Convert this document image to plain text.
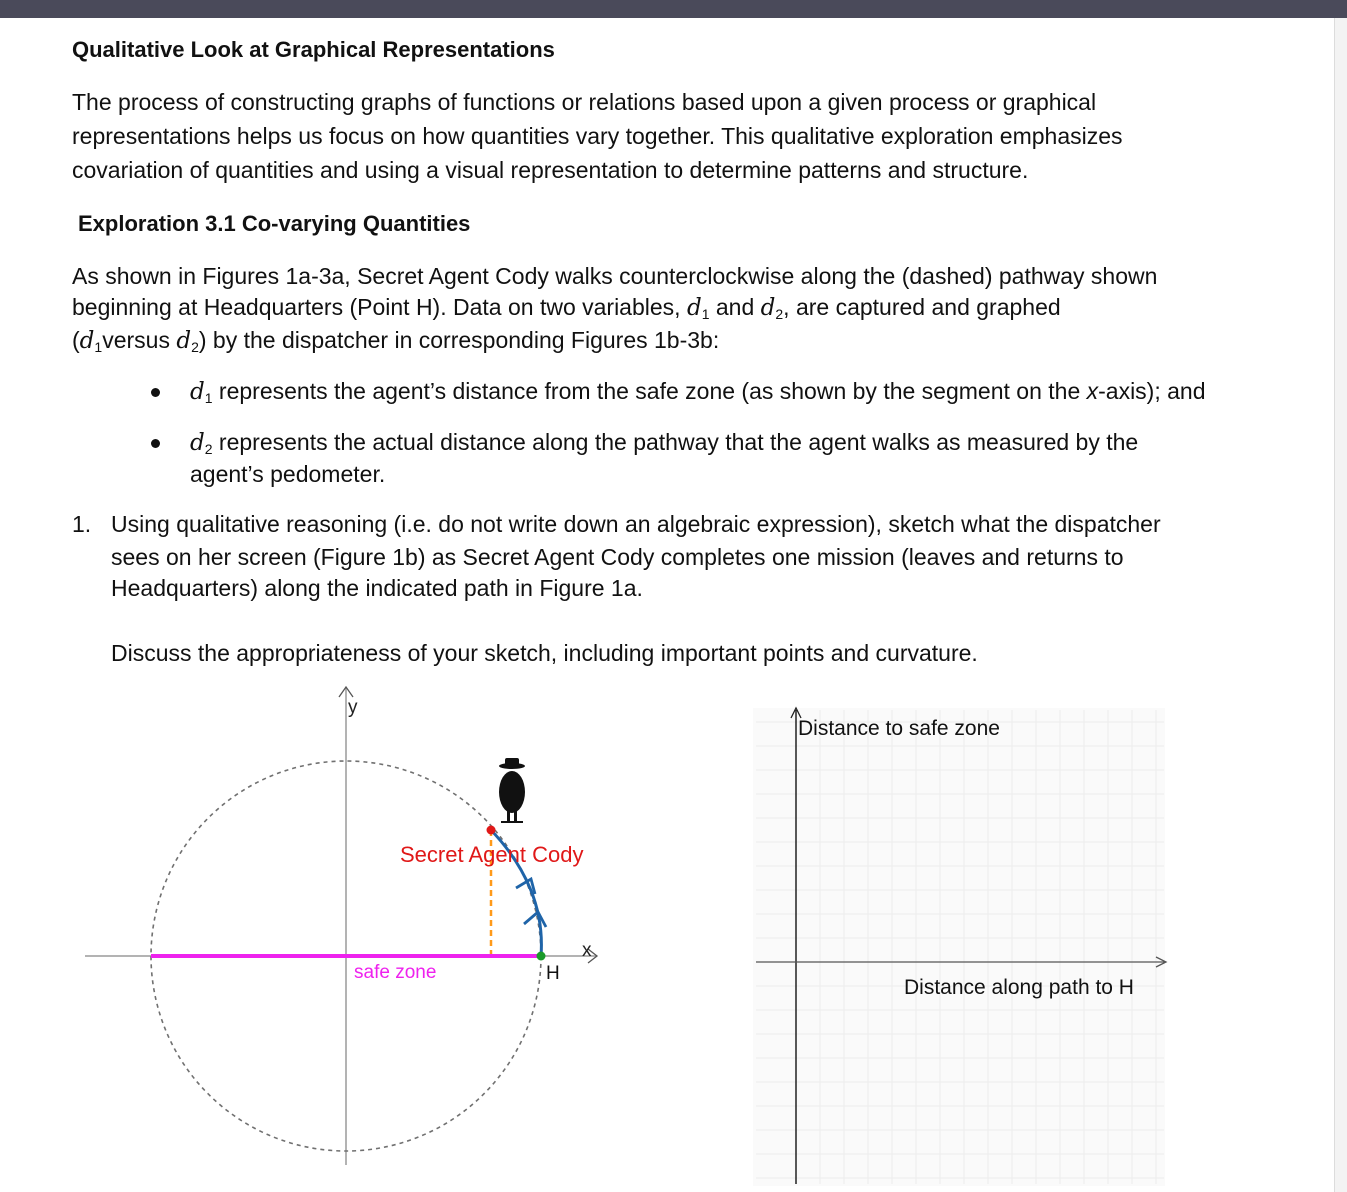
Qualitative Look at Graphical Representations
The process of constructing graphs of functions or relations based upon a given process or graphical
representations helps us focus on how quantities vary together. This qualitative exploration emphasizes
covariation of quantities and using a visual representation to determine patterns and structure.
Exploration 3.1 Co-varying Quantities
As shown in Figures 1a-3a, Secret Agent Cody walks counterclockwise along the (dashed) pathway shown
beginning at Headquarters (Point H). Data on two variables, $d_1$ and $d_2$, are captured and graphed
($d_1versus$ $d_2$) by the dispatcher in corresponding Figures 1b-3b:
$d_1$ represents the agent’s distance from the safe zone (as shown by the segment on the x-axis); and
$d_2$ represents the actual distance along the pathway that the agent walks as measured by the
agent’s pedometer.
1. Using qualitative reasoning (i.e. do not write down an algebraic expression), sketch what the dispatcher
sees on her screen (Figure 1b) as Secret Agent Cody completes one mission (leaves and returns to
Headquarters) along the indicated path in Figure 1a.
Discuss the appropriateness of your sketch, including important points and curvature.
y
x
safe zone	H
Secret Agent Cody
Distance to safe zone
Distance along path to H
